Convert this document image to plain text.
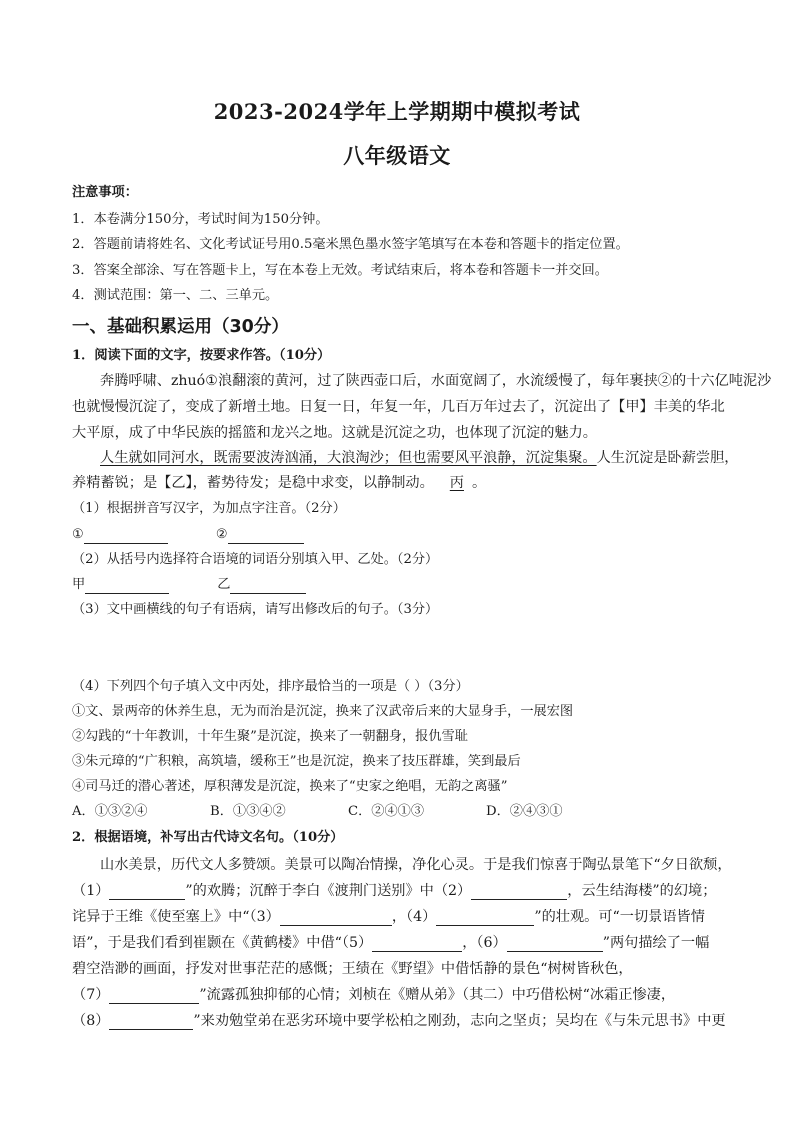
2023-2024学年上学期期中模拟考试
八年级语文
注意事项：
1．本卷满分150分，考试时间为150分钟。
2．答题前请将姓名、文化考试证号用0.5毫米黑色墨水签字笔填写在本卷和答题卡的指定位置。
3．答案全部涂、写在答题卡上，写在本卷上无效。考试结束后，将本卷和答题卡一并交回。
4．测试范围：第一、二、三单元。
一、基础积累运用（30分）
1．阅读下面的文字，按要求作答。（10分）
奔腾呼啸、zhuó①浪翻滚的黄河，过了陕西壶口后，水面宽阔了，水流缓慢了，每年裹挟②的十六亿吨泥沙
也就慢慢沉淀了，变成了新增土地。日复一日，年复一年，几百万年过去了，沉淀出了【甲】丰美的华北
大平原，成了中华民族的摇篮和龙兴之地。这就是沉淀之功，也体现了沉淀的魅力。
人生就如同河水，既需要波涛汹涌，大浪淘沙；但也需要风平浪静，沉淀集聚。人生沉淀是卧薪尝胆，
养精蓄锐；是【乙】，蓄势待发；是稳中求变，以静制动。 丙 。
（1）根据拼音写汉字，为加点字注音。（2分）
①	②
（2）从括号内选择符合语境的词语分别填入甲、乙处。（2分）
甲	乙
（3）文中画横线的句子有语病，请写出修改后的句子。（3分）
（4）下列四个句子填入文中丙处，排序最恰当的一项是（ ）（3分）
①文、景两帝的休养生息，无为而治是沉淀，换来了汉武帝后来的大显身手，一展宏图
②勾践的“十年教训，十年生聚”是沉淀，换来了一朝翻身，报仇雪耻
③朱元璋的“广积粮，高筑墙，缓称王”也是沉淀，换来了技压群雄，笑到最后
④司马迁的潜心著述，厚积薄发是沉淀，换来了“史家之绝唱，无韵之离骚”
A．①③②④	B．①③④②	C．②④①③	D．②④③①
2．根据语境，补写出古代诗文名句。（10分）
山水美景，历代文人多赞颂。美景可以陶冶情操，净化心灵。于是我们惊喜于陶弘景笔下“夕日欲颓，
（1）	”的欢腾；沉醉于李白《渡荆门送别》中（2）	，云生结海楼”的幻境；
诧异于王维《使至塞上》中“（3）	，（4）	”的壮观。可“一切景语皆情
语”，于是我们看到崔颢在《黄鹤楼》中借“（5）	，（6）	”两句描绘了一幅
碧空浩渺的画面，抒发对世事茫茫的感慨；王绩在《野望》中借恬静的景色“树树皆秋色，
（7）	”流露孤独抑郁的心情；刘桢在《赠从弟》（其二）中巧借松树“冰霜正惨凄，
（8）	”来劝勉堂弟在恶劣环境中要学松柏之刚劲，志向之坚贞；吴均在《与朱元思书》中更
